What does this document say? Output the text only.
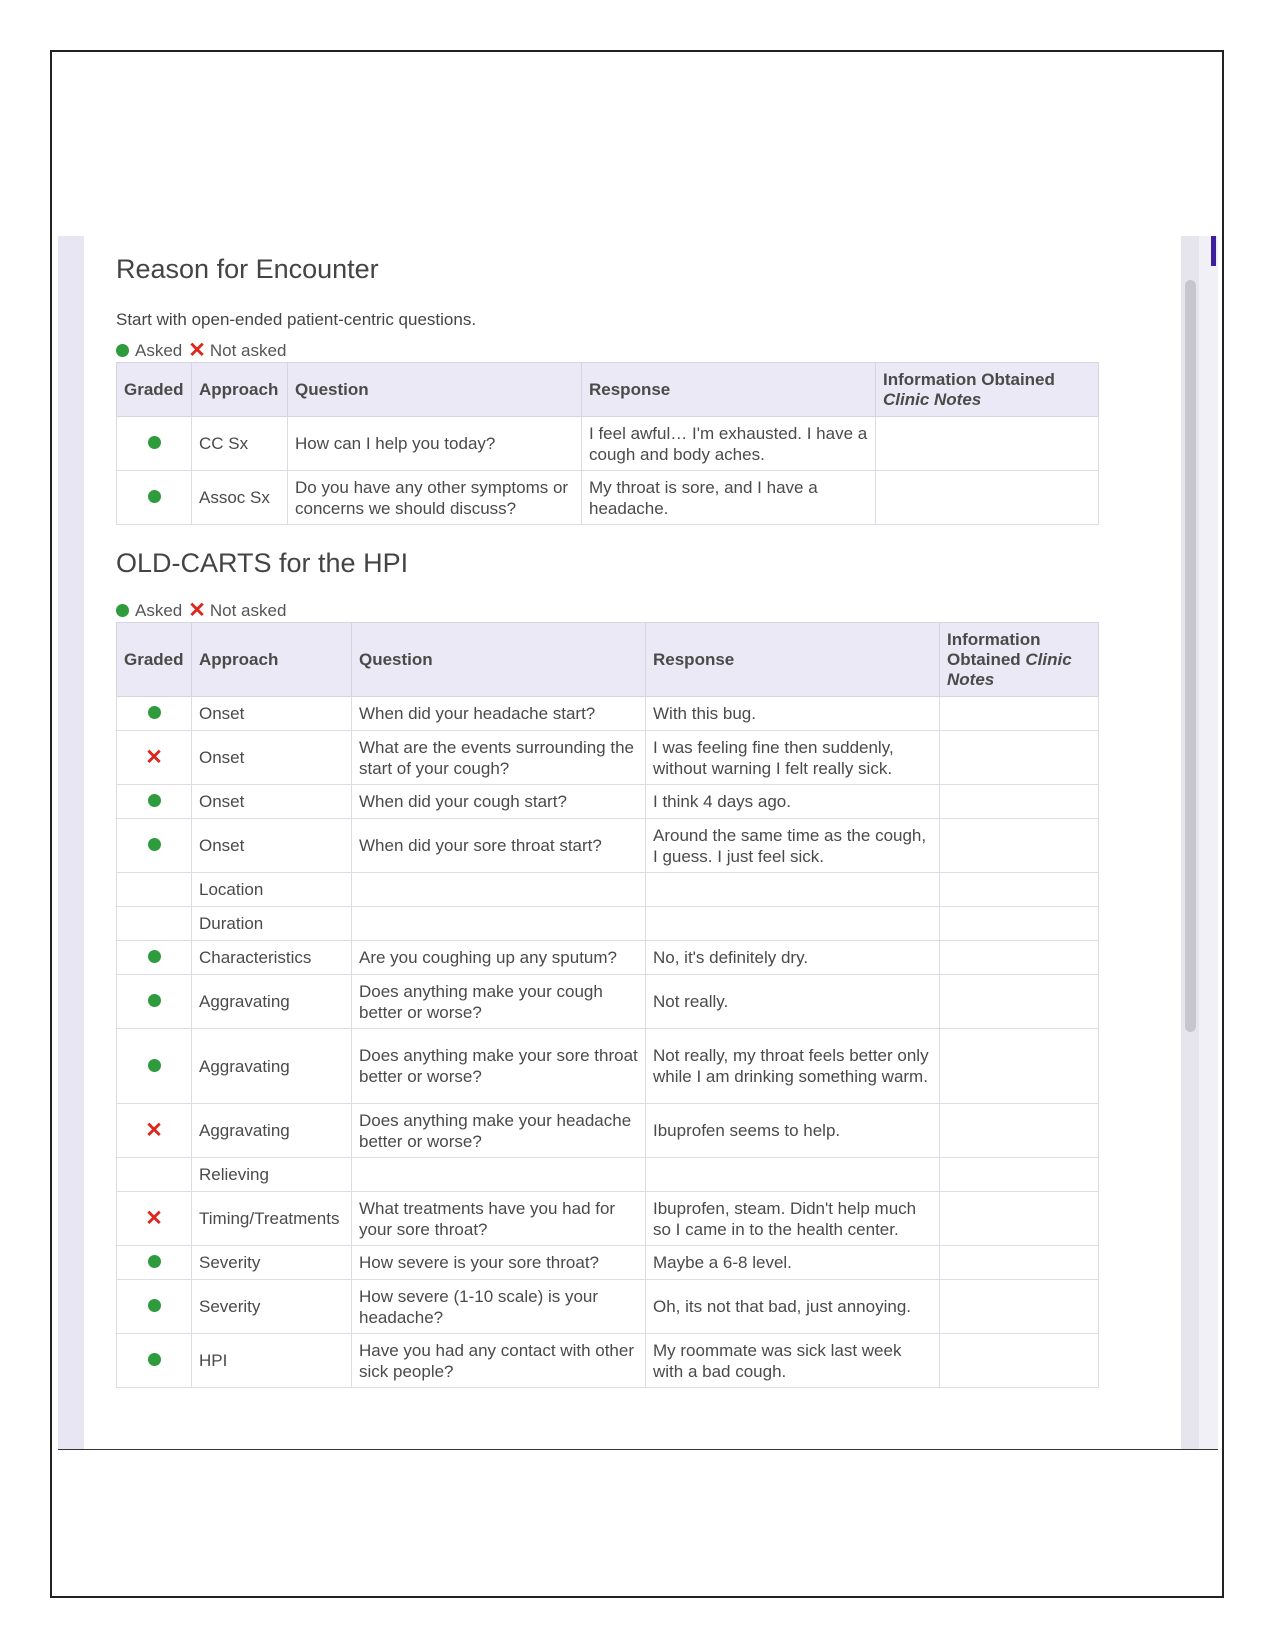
Reason for Encounter
Start with open-ended patient-centric questions.
Asked ✕ Not asked
Graded	Approach	Question	Response	Information Obtained
Clinic Notes
	CC Sx	How can I help you today?	I feel awful… I'm exhausted. I have a cough and body aches.	
	Assoc Sx	Do you have any other symptoms or concerns we should discuss?	My throat is sore, and I have a headache.	
OLD-CARTS for the HPI
Asked ✕ Not asked
Graded	Approach	Question	Response	Information
Obtained Clinic
Notes
	Onset	When did your headache start?	With this bug.	
✕	Onset	What are the events surrounding the start of your cough?	I was feeling fine then suddenly, without warning I felt really sick.	
	Onset	When did your cough start?	I think 4 days ago.	
	Onset	When did your sore throat start?	Around the same time as the cough, I guess. I just feel sick.	
	Location			
	Duration			
	Characteristics	Are you coughing up any sputum?	No, it's definitely dry.	
	Aggravating	Does anything make your cough better or worse?	Not really.	
	Aggravating	Does anything make your sore throat better or worse?	Not really, my throat feels better only while I am drinking something warm.	
✕	Aggravating	Does anything make your headache better or worse?	Ibuprofen seems to help.	
	Relieving			
✕	Timing/Treatments	What treatments have you had for your sore throat?	Ibuprofen, steam. Didn't help much so I came in to the health center.	
	Severity	How severe is your sore throat?	Maybe a 6-8 level.	
	Severity	How severe (1-10 scale) is your headache?	Oh, its not that bad, just annoying.	
	HPI	Have you had any contact with other sick people?	My roommate was sick last week with a bad cough.	
